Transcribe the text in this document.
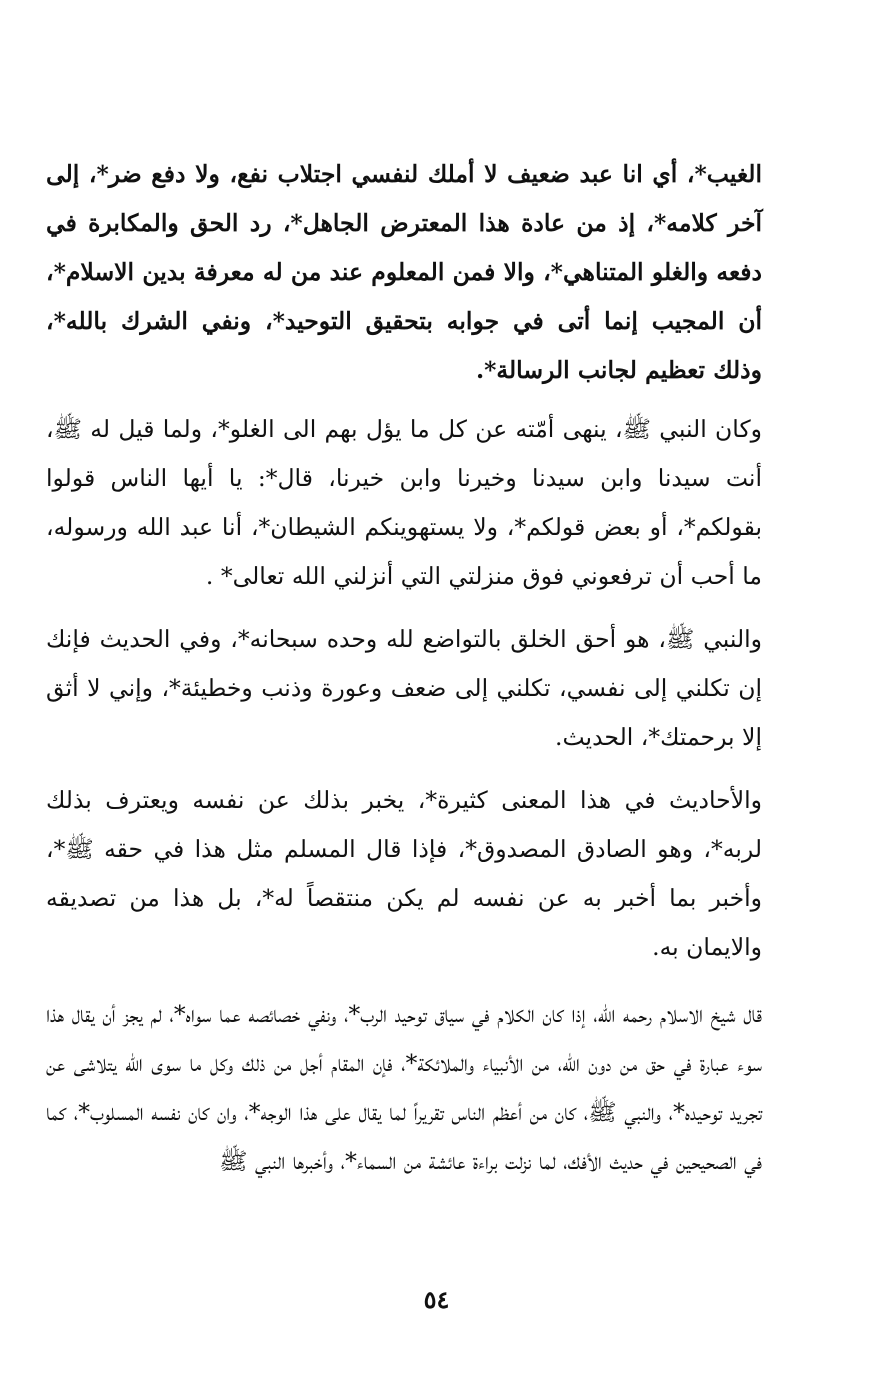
الغيب*، أي انا عبد ضعيف لا أملك لنفسي اجتلاب نفع، ولا دفع ضر*، إلى آخر كلامه*، إذ من عادة هذا المعترض الجاهل*، رد الحق والمكابرة في دفعه والغلو المتناهي*، والا فمن المعلوم عند من له معرفة بدين الاسلام*، أن المجيب إنما أتى في جوابه بتحقيق التوحيد*، ونفي الشرك بالله*، وذلك تعظيم لجانب الرسالة*.

وكان النبي ﷺ، ينهى أمّته عن كل ما يؤل بهم الى الغلو*، ولما قيل له ﷺ، أنت سيدنا وابن سيدنا وخيرنا وابن خيرنا، قال*: يا أيها الناس قولوا بقولكم*، أو بعض قولكم*، ولا يستهوينكم الشيطان*، أنا عبد الله ورسوله، ما أحب أن ترفعوني فوق منزلتي التي أنزلني الله تعالى* .

والنبي ﷺ، هو أحق الخلق بالتواضع لله وحده سبحانه*، وفي الحديث فإنك إن تكلني إلى نفسي، تكلني إلى ضعف وعورة وذنب وخطيئة*، وإني لا أثق إلا برحمتك*، الحديث.

والأحاديث في هذا المعنى كثيرة*، يخبر بذلك عن نفسه ويعترف بذلك لربه*، وهو الصادق المصدوق*، فإذا قال المسلم مثل هذا في حقه ﷺ*، وأخبر بما أخبر به عن نفسه لم يكن منتقصاً له*، بل هذا من تصديقه والايمان به.

قال شيخ الاسلام رحمه الله، إذا كان الكلام في سياق توحيد الرب*، ونفي خصائصه عما سواه*، لم يجز أن يقال هذا سوء عبارة في حق من دون الله، من الأنبياء والملائكة*، فإن المقام أجل من ذلك وكل ما سوى الله يتلاشى عن تجريد توحيده*، والنبي ﷺ، كان من أعظم الناس تقريراً لما يقال على هذا الوجه*، وان كان نفسه المسلوب*، كما في الصحيحين في حديث الأفك، لما نزلت براءة عائشة من السماء*، وأخبرها النبي ﷺ

٥٤
